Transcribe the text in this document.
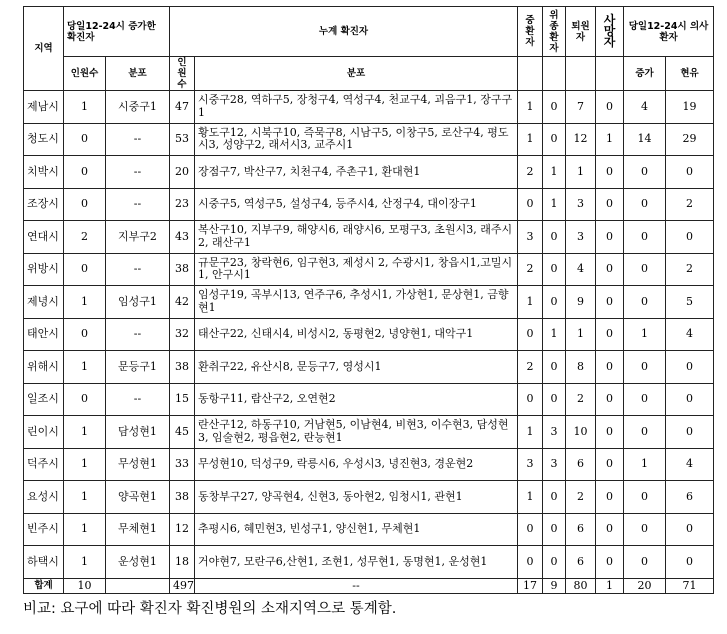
지역	당일12-24시 증가한 확진자		누계 확진자		중환자	위종환자	퇴원자	사망자	당일12-24시 의사환자	
	인원수	분포	인원수	분포					증가	현유
제남시	1	시중구1	47	시중구28, 역하구5, 장청구4, 역성구4, 천교구4, 괴음구1, 장구구1	1	0	7	0	4	19
청도시	0	--	53	황도구12, 시북구10, 즉묵구8, 시남구5, 이창구5, 로산구4, 평도시3, 성양구2, 래서시3, 교주시1	1	0	12	1	14	29
치박시	0	--	20	장점구7, 박산구7, 치천구4, 주촌구1, 환대현1	2	1	1	0	0	0
조장시	0	--	23	시중구5, 역성구5, 설성구4, 등주시4, 산정구4, 대이장구1	0	1	3	0	0	2
연대시	2	지부구2	43	복산구10, 지부구9, 해양시6, 래양시6, 모평구3, 초원시3, 래주시2, 래산구1	3	0	3	0	0	0
위방시	0	--	38	규문구23, 창락현6, 임구현3, 제성시 2, 수광시1, 창읍시1,고밀시1, 안구시1	2	0	4	0	0	2
제녕시	1	임성구1	42	임성구19, 곡부시13, 연주구6, 추성시1, 가상현1, 문상현1, 금향현1	1	0	9	0	0	5
태안시	0	--	32	태산구22, 신태시4, 비성시2, 동평현2, 녕양현1, 대악구1	0	1	1	0	1	4
위해시	1	문등구1	38	환취구22, 유산시8, 문등구7, 영성시1	2	0	8	0	0	0
일조시	0	--	15	동항구11, 람산구2, 오연현2	0	0	2	0	0	0
린이시	1	담성현1	45	란산구12, 하동구10, 거남현5, 이남현4, 비현3, 이수현3, 담성현3, 임술현2, 평읍현2, 란능현1	1	3	10	0	0	0
덕주시	1	무성현1	33	무성현10, 덕성구9, 락릉시6, 우성시3, 녕진현3, 경운현2	3	3	6	0	1	4
요성시	1	양곡현1	38	동창부구27, 양곡현4, 신현3, 동아현2, 임청시1, 관현1	1	0	2	0	0	6
빈주시	1	무체현1	12	추평시6, 혜민현3, 빈성구1, 양신현1, 무체현1	0	0	6	0	0	0
하택시	1	운성현1	18	거야현7, 모란구6,산현1, 조현1, 성무현1, 동명현1, 운성현1	0	0	6	0	0	0
합계	10		497	--	17	9	80	1	20	71
비교: 요구에 따라 확진자 확진병원의 소재지역으로 통계함.
